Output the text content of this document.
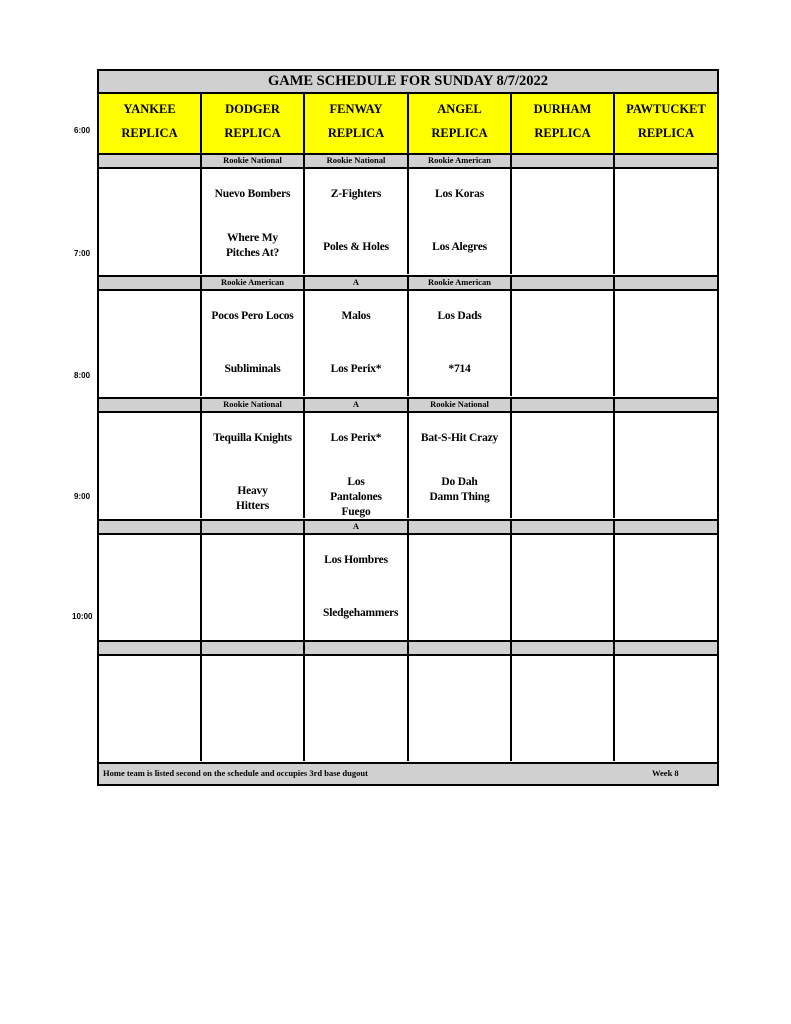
6:00
7:00
8:00
9:00
10:00
GAME SCHEDULE FOR SUNDAY 8/7/2022
YANKEE
REPLICA
DODGER
REPLICA
FENWAY
REPLICA
ANGEL
REPLICA
DURHAM
REPLICA
PAWTUCKET
REPLICA
Rookie National
Nuevo Bombers
Where My Pitches At?
Rookie National
Z-Fighters
Poles & Holes
Rookie American
Los Koras
Los Alegres
Rookie American
Pocos Pero Locos
Subliminals
A
Malos
Los Perix*
Rookie American
Los Dads
*714
Rookie National
Tequilla Knights
Heavy Hitters
A
Los Perix*
Los Pantalones Fuego
Rookie National
Bat-S-Hit Crazy
Do Dah Damn Thing
A
Los Hombres
Sledgehammers
Home team is listed second on the schedule and occupies 3rd base dugout	Week 8
